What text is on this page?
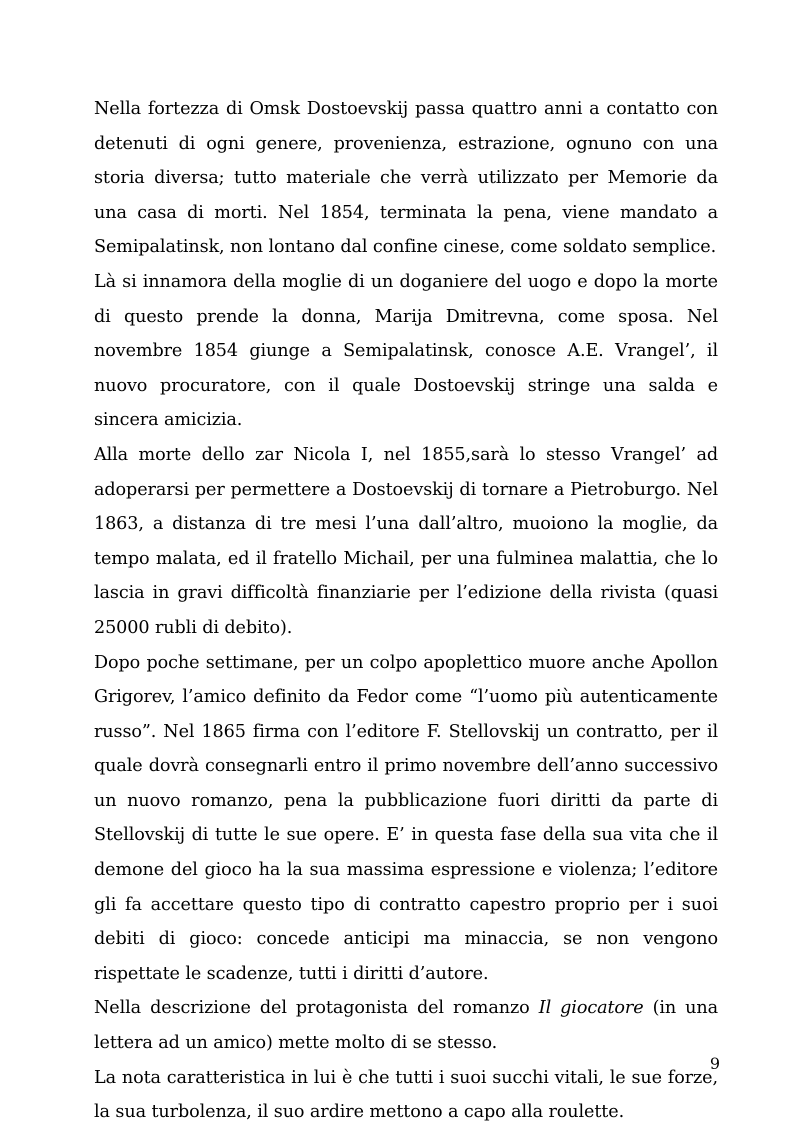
Nella fortezza di Omsk Dostoevskij passa quattro anni a contatto con detenuti di ogni genere, provenienza, estrazione, ognuno con una storia diversa; tutto materiale che verrà utilizzato per Memorie da una casa di morti. Nel 1854, terminata la pena, viene mandato a Semipalatinsk, non lontano dal confine cinese, come soldato semplice.

Là si innamora della moglie di un doganiere del uogo e dopo la morte di questo prende la donna, Marija Dmitrevna, come sposa. Nel novembre 1854 giunge a Semipalatinsk, conosce A.E. Vrangel’, il nuovo procuratore, con il quale Dostoevskij stringe una salda e sincera amicizia.

Alla morte dello zar Nicola I, nel 1855,sarà lo stesso Vrangel’ ad adoperarsi per permettere a Dostoevskij di tornare a Pietroburgo. Nel 1863, a distanza di tre mesi l’una dall’altro, muoiono la moglie, da tempo malata, ed il fratello Michail, per una fulminea malattia, che lo lascia in gravi difficoltà finanziarie per l’edizione della rivista (quasi 25000 rubli di debito).

Dopo poche settimane, per un colpo apoplettico muore anche Apollon Grigorev, l’amico definito da Fedor come “l’uomo più autenticamente russo”. Nel 1865 firma con l’editore F. Stellovskij un contratto, per il quale dovrà consegnarli entro il primo novembre dell’anno successivo un nuovo romanzo, pena la pubblicazione fuori diritti da parte di Stellovskij di tutte le sue opere. E’ in questa fase della sua vita che il demone del gioco ha la sua massima espressione e violenza; l’editore gli fa accettare questo tipo di contratto capestro proprio per i suoi debiti di gioco: concede anticipi ma minaccia, se non vengono rispettate le scadenze, tutti i diritti d’autore.

Nella descrizione del protagonista del romanzo Il giocatore (in una lettera ad un amico) mette molto di se stesso.

La nota caratteristica in lui è che tutti i suoi succhi vitali, le sue forze, la sua turbolenza, il suo ardire mettono a capo alla roulette.

9
